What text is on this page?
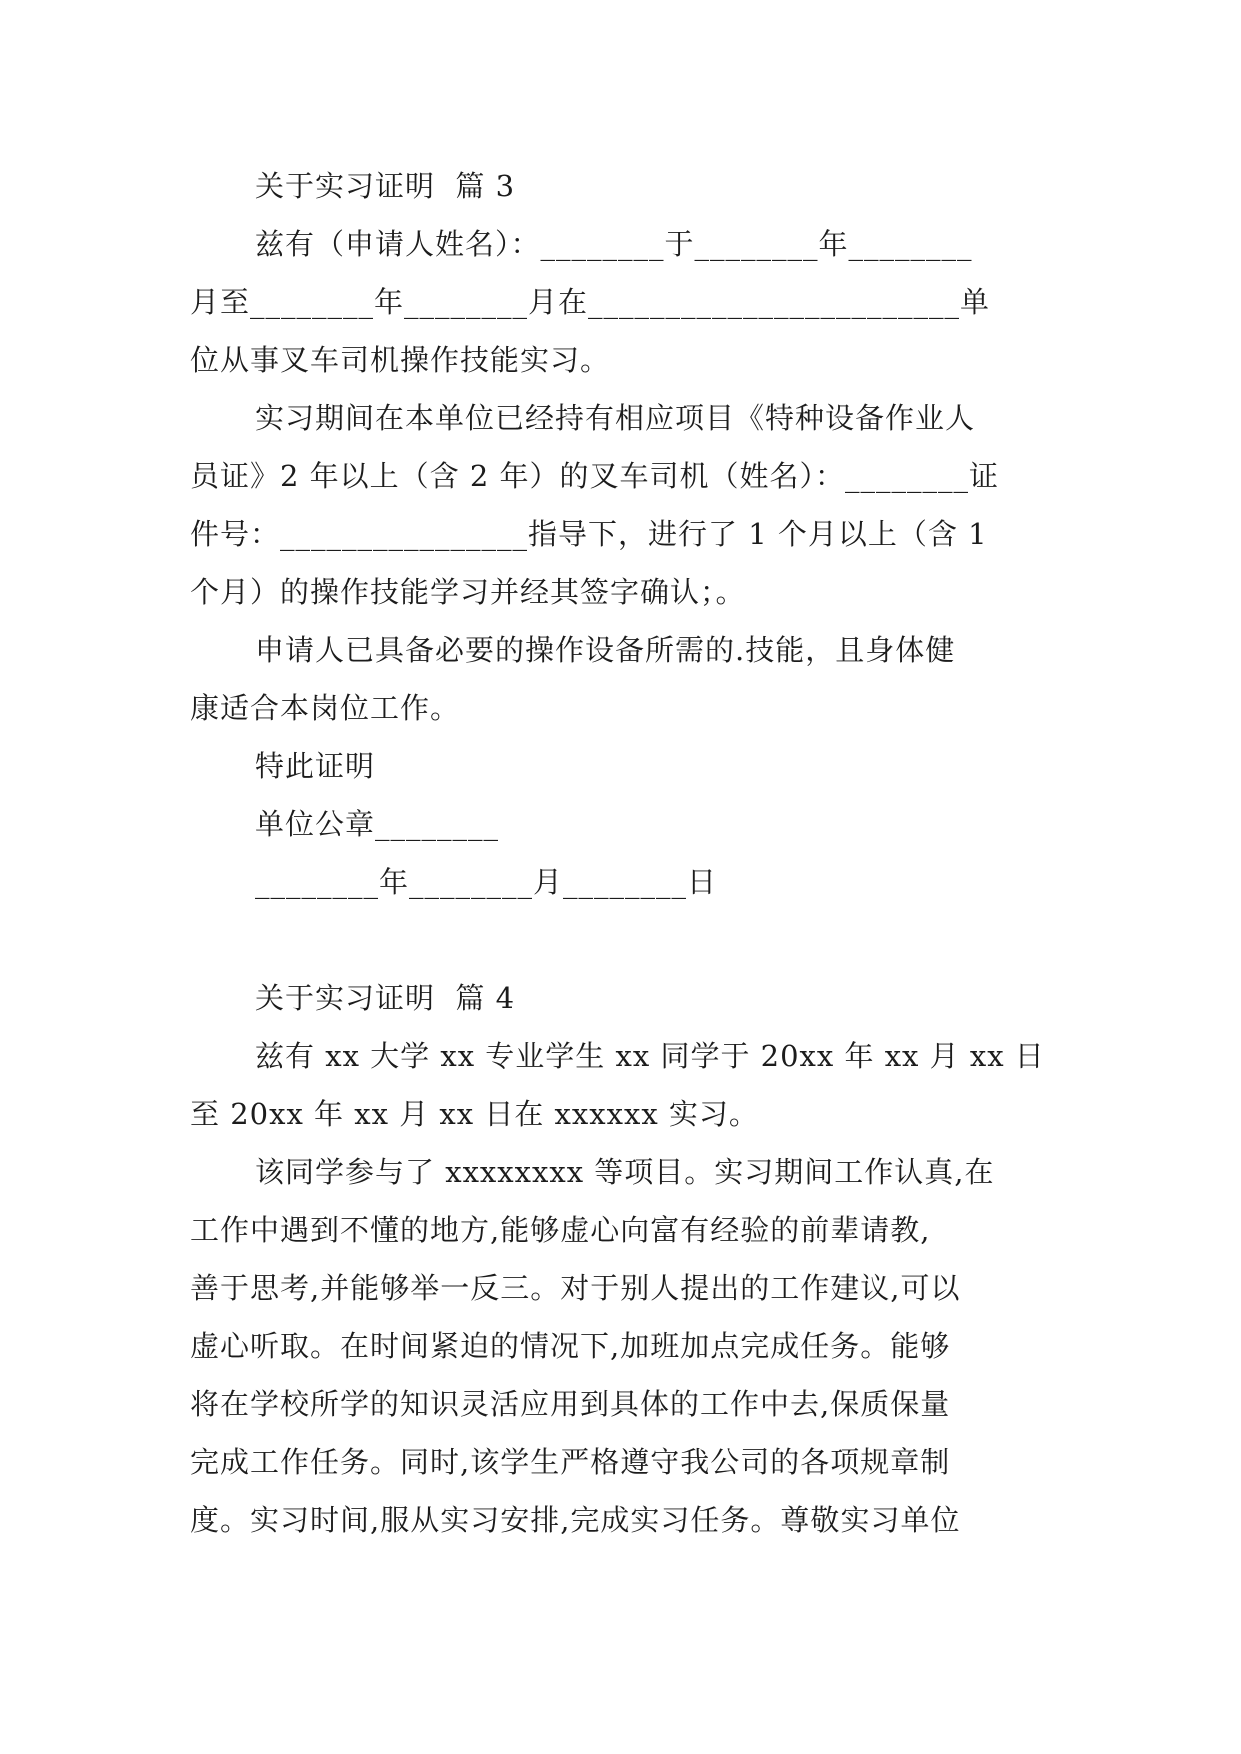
关于实习证明  篇 3
兹有（申请人姓名）：________于________年________
月至________年________月在________________________单
位从事叉车司机操作技能实习。
实习期间在本单位已经持有相应项目《特种设备作业人
员证》2 年以上（含 2 年）的叉车司机（姓名）：________证
件号：________________指导下，进行了 1 个月以上（含 1
个月）的操作技能学习并经其签字确认；。
申请人已具备必要的操作设备所需的.技能，且身体健
康适合本岗位工作。
特此证明
单位公章________
________年________月________日
关于实习证明  篇 4
兹有 xx 大学 xx 专业学生 xx 同学于 20xx 年 xx 月 xx 日
至 20xx 年 xx 月 xx 日在 xxxxxx 实习。
该同学参与了 xxxxxxxx 等项目。实习期间工作认真,在
工作中遇到不懂的地方,能够虚心向富有经验的前辈请教,
善于思考,并能够举一反三。对于别人提出的工作建议,可以
虚心听取。在时间紧迫的情况下,加班加点完成任务。能够
将在学校所学的知识灵活应用到具体的工作中去,保质保量
完成工作任务。同时,该学生严格遵守我公司的各项规章制
度。实习时间,服从实习安排,完成实习任务。尊敬实习单位
